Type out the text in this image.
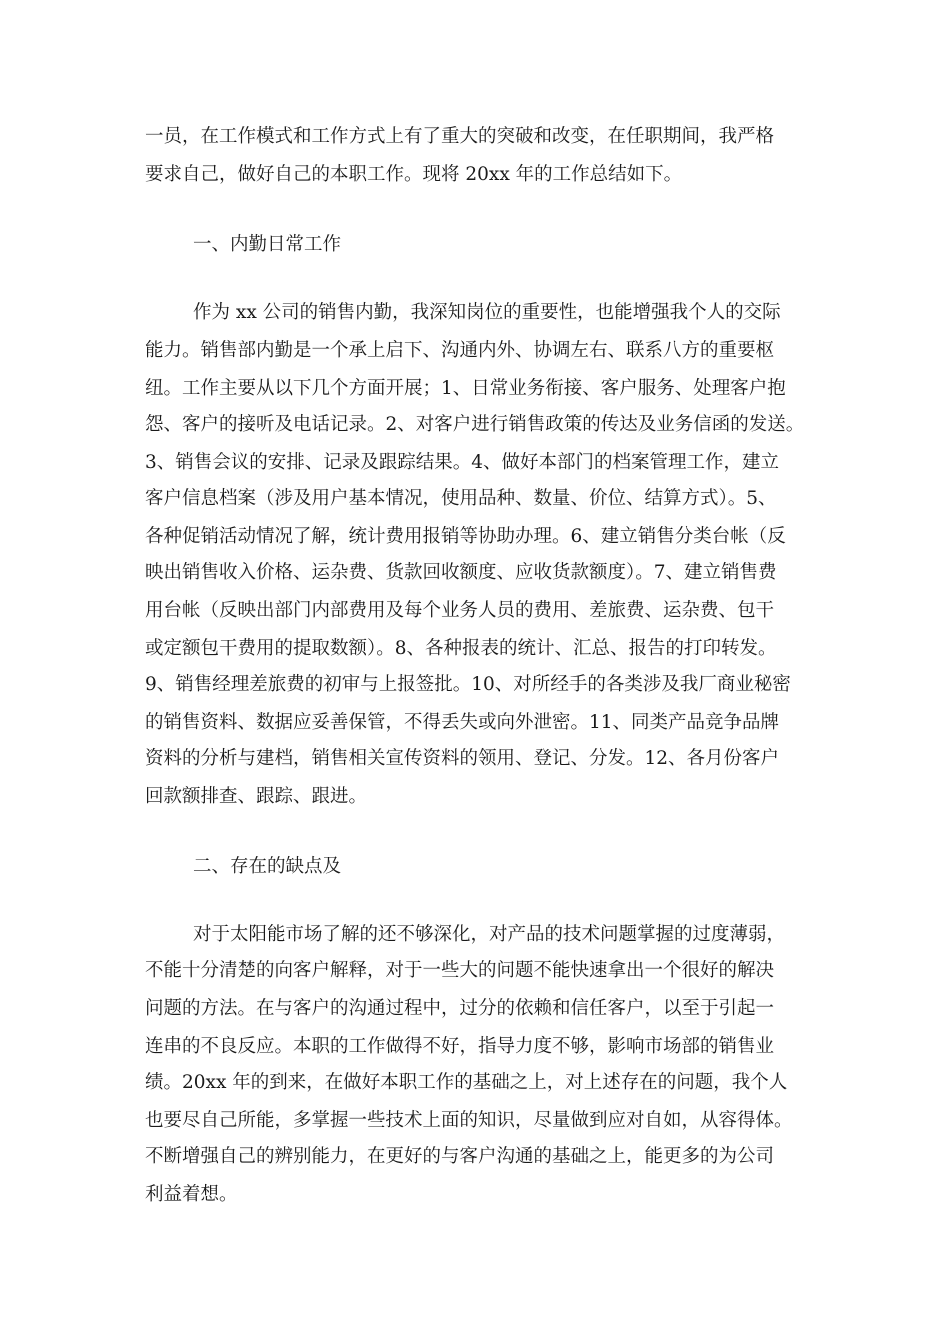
一员，在工作模式和工作方式上有了重大的突破和改变，在任职期间，我严格
要求自己，做好自己的本职工作。现将 20xx 年的工作总结如下。
一、内勤日常工作
作为 xx 公司的销售内勤，我深知岗位的重要性，也能增强我个人的交际
能力。销售部内勤是一个承上启下、沟通内外、协调左右、联系八方的重要枢
纽。工作主要从以下几个方面开展；1、日常业务衔接、客户服务、处理客户抱
怨、客户的接听及电话记录。2、对客户进行销售政策的传达及业务信函的发送。
3、销售会议的安排、记录及跟踪结果。4、做好本部门的档案管理工作，建立
客户信息档案（涉及用户基本情况，使用品种、数量、价位、结算方式）。5、
各种促销活动情况了解，统计费用报销等协助办理。6、建立销售分类台帐（反
映出销售收入价格、运杂费、货款回收额度、应收货款额度）。7、建立销售费
用台帐（反映出部门内部费用及每个业务人员的费用、差旅费、运杂费、包干
或定额包干费用的提取数额）。8、各种报表的统计、汇总、报告的打印转发。
9、销售经理差旅费的初审与上报签批。10、对所经手的各类涉及我厂商业秘密
的销售资料、数据应妥善保管，不得丢失或向外泄密。11、同类产品竞争品牌
资料的分析与建档，销售相关宣传资料的领用、登记、分发。12、各月份客户
回款额排查、跟踪、跟进。
二、存在的缺点及
对于太阳能市场了解的还不够深化，对产品的技术问题掌握的过度薄弱，
不能十分清楚的向客户解释，对于一些大的问题不能快速拿出一个很好的解决
问题的方法。在与客户的沟通过程中，过分的依赖和信任客户，以至于引起一
连串的不良反应。本职的工作做得不好，指导力度不够，影响市场部的销售业
绩。20xx 年的到来，在做好本职工作的基础之上，对上述存在的问题，我个人
也要尽自己所能，多掌握一些技术上面的知识，尽量做到应对自如，从容得体。
不断增强自己的辨别能力，在更好的与客户沟通的基础之上，能更多的为公司
利益着想。
